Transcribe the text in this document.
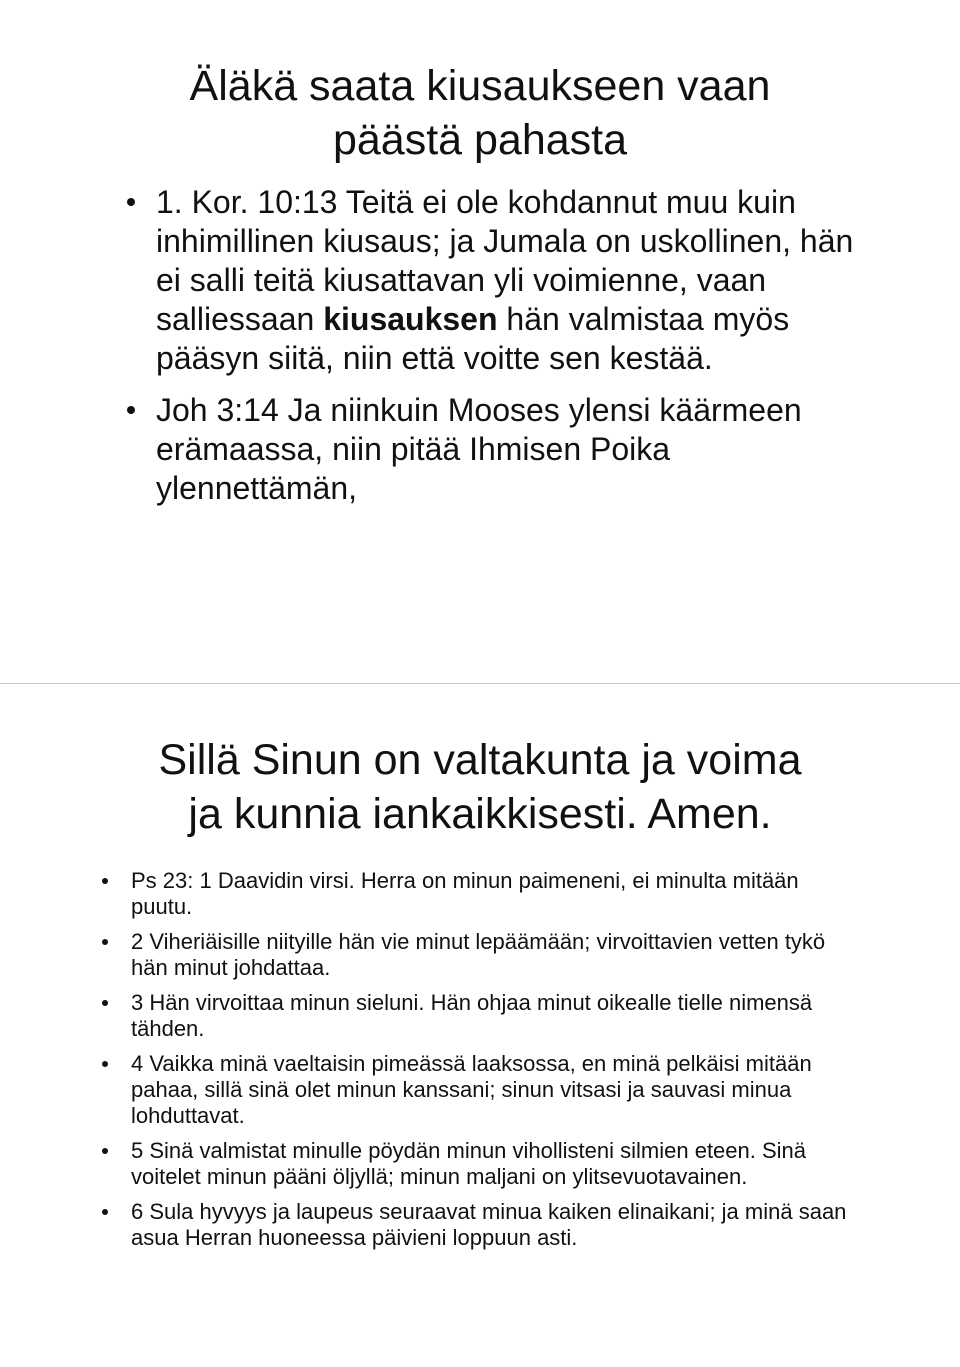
Äläkä saata kiusaukseen vaan
päästä pahasta
1. Kor. 10:13 Teitä ei ole kohdannut muu kuin inhimillinen kiusaus; ja Jumala on uskollinen, hän ei salli teitä kiusattavan yli voimienne, vaan salliessaan kiusauksen hän valmistaa myös pääsyn siitä, niin että voitte sen kestää.
Joh 3:14 Ja niinkuin Mooses ylensi käärmeen erämaassa, niin pitää Ihmisen Poika ylennettämän,
Sillä Sinun on valtakunta ja voima
ja kunnia iankaikkisesti. Amen.
Ps 23: 1 Daavidin virsi. Herra on minun paimeneni, ei minulta mitään puutu.
2 Viheriäisille niityille hän vie minut lepäämään; virvoittavien vetten tykö hän minut johdattaa.
3 Hän virvoittaa minun sieluni. Hän ohjaa minut oikealle tielle nimensä tähden.
4 Vaikka minä vaeltaisin pimeässä laaksossa, en minä pelkäisi mitään pahaa, sillä sinä olet minun kanssani; sinun vitsasi ja sauvasi minua lohduttavat.
5 Sinä valmistat minulle pöydän minun vihollisteni silmien eteen. Sinä voitelet minun pääni öljyllä; minun maljani on ylitsevuotavainen.
6 Sula hyvyys ja laupeus seuraavat minua kaiken elinaikani; ja minä saan asua Herran huoneessa päivieni loppuun asti.
